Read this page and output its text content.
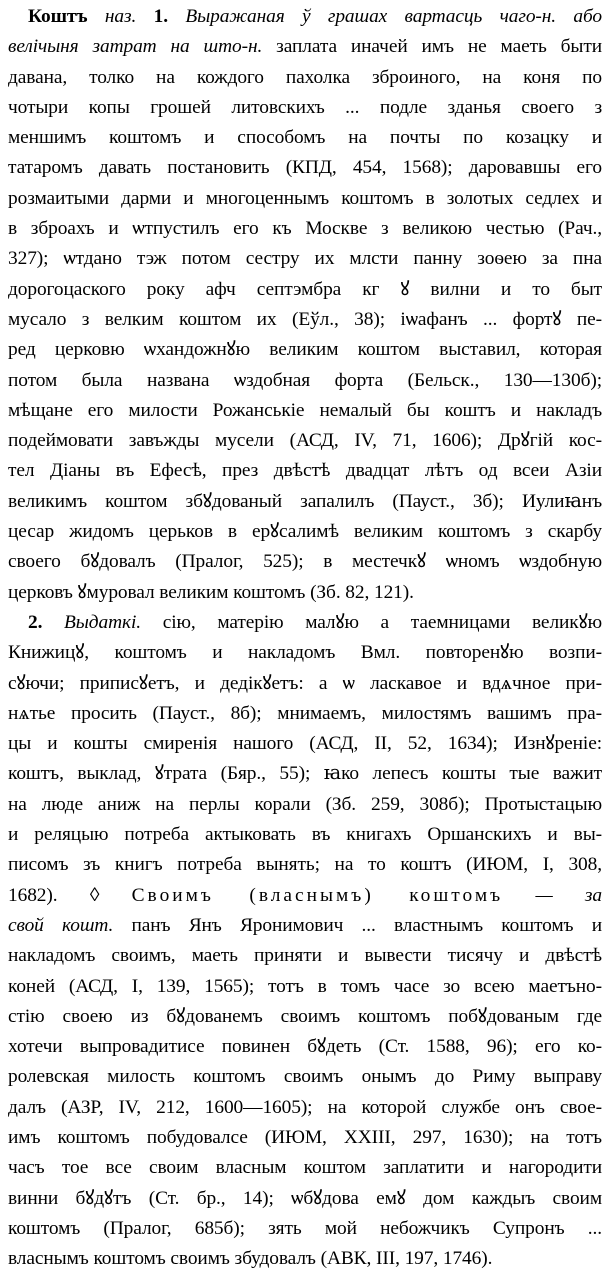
Коштъ наз. 1. Выражаная ў грашах вартасць чаго-н. або
велічыня затрат на што-н. заплата иначей имъ не маеть быти
давана, толко на кождого пахолка зброиного, на коня по
чотыри копы грошей литовскихъ ... подле зданья своего з
меншимъ коштомъ и способомъ на почты по козацку и
татаромъ давать постановить (КПД, 454, 1568); даровавшы его
розмаитыми дарми и многоценнымъ коштомъ в золотых седлех и
в зброахъ и ѡтпустилъ его къ Москве з великою честью (Рач.,
327); ѡтдано тэж потом сестру их млсти панну зоѳею за пна
дорогоцаского року афч септэмбра кг ꙋ вилни и то быт
мусало з велким коштом их (Еўл., 38); іѡафанъ ... фортꙋ пе-
ред церковю ѡхандожнꙋю великим коштом выставил, которая
потом была названа ѡздобная форта (Бельск., 130—130б);
мѣщане его милости Рожанськіе немалый бы коштъ и накладъ
подеймовати завъжды мусели (АСД, IV, 71, 1606); Дрꙋгій кос-
тел Діаны въ Ефесѣ, през двѣстѣ двадцат лѣтъ од всеи Азіи
великимъ коштом збꙋдованый запалилъ (Пауст., 3б); Иулиꙗнъ
цесар жидомъ церьков в ерꙋсалимѣ великим коштомъ з скарбу
своего бꙋдовалъ (Пралог, 525); в местечкꙋ ѡномъ ѡздобную
церковъ ꙋмуровал великим коштомъ (Зб. 82, 121).
2. Выдаткі. сію, матерію малꙋю а таемницами великꙋю
Книжицꙋ, коштомъ и накладомъ Вмл. повторенꙋю возпи-
сꙋючи; приписꙋетъ, и дедікꙋетъ: а ѡ ласкавое и вдѧчное при-
нѧтье просить (Пауст., 8б); мнимаемъ, милостямъ вашимъ пра-
цы и кошты смиренія нашого (АСД, II, 52, 1634); Изнꙋреніе:
коштъ, выклад, ꙋтрата (Бяр., 55); ꙗко лепесъ кошты тые важит
на люде аниж на перлы корали (Зб. 259, 308б); Протыстацыю
и реляцыю потреба актыковать въ книгахъ Оршанскихъ и вы-
писомъ зъ книгъ потреба вынять; на то коштъ (ИЮМ, I, 308,
1682). ◊ Своимъ (власнымъ) коштомъ — за
свой кошт. панъ Янъ Яронимович ... властнымъ коштомъ и
накладомъ своимъ, маеть приняти и вывести тисячу и двѣстѣ
коней (АСД, I, 139, 1565); тотъ в томъ часе зо всею маетъно-
стію своею из бꙋдованемъ своимъ коштомъ побꙋдованым где
хотечи выпровадитисе повинен бꙋдеть (Ст. 1588, 96); его ко-
ролевская милость коштомъ своимъ онымъ до Риму выправу
далъ (АЗР, IV, 212, 1600—1605); на которой службе онъ свое-
имъ коштомъ побудовалсе (ИЮМ, XXIII, 297, 1630); на тотъ
часъ тое все своим власным коштом заплатити и нагородити
винни бꙋдꙋтъ (Ст. бр., 14); ѡбꙋдова емꙋ дом каждыъ своим
коштомъ (Пралог, 685б); зять мой небожчикъ Супронъ ...
власнымъ коштомъ своимъ збудовалъ (АВК, III, 197, 1746).
